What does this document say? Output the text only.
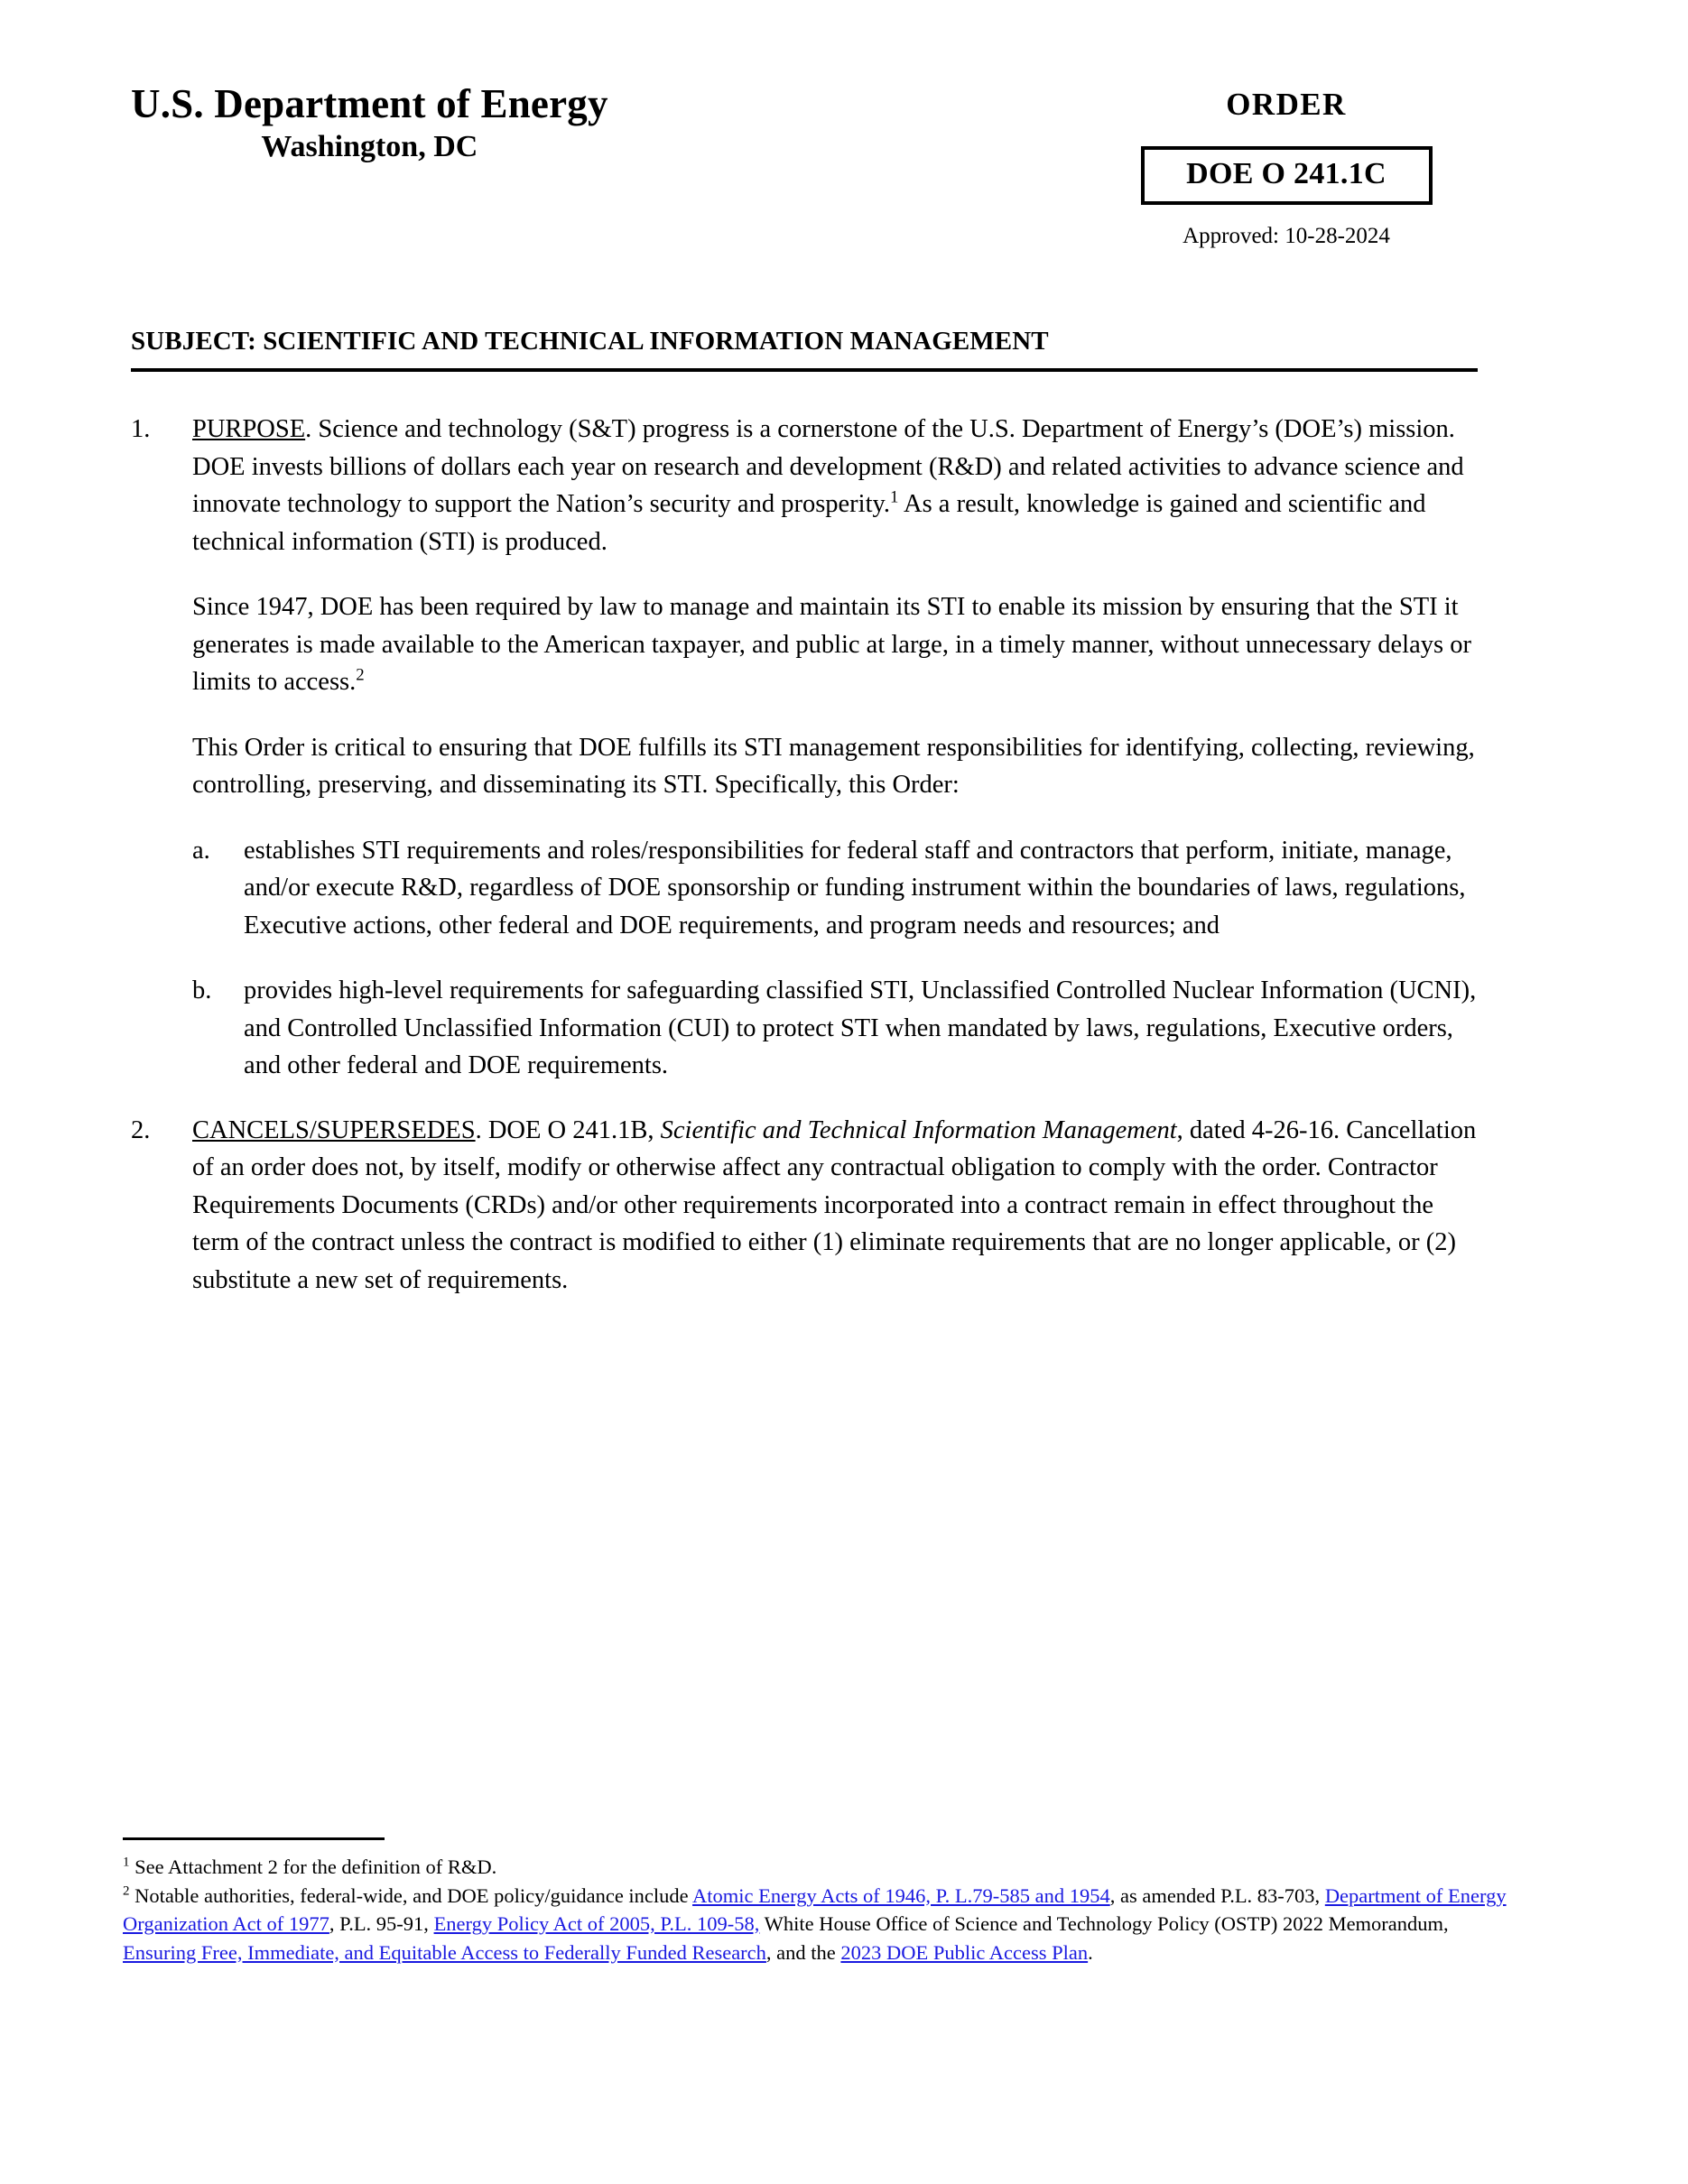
U.S. Department of Energy
Washington, DC
ORDER
DOE O 241.1C
Approved: 10-28-2024
SUBJECT: SCIENTIFIC AND TECHNICAL INFORMATION MANAGEMENT
1. PURPOSE. Science and technology (S&T) progress is a cornerstone of the U.S. Department of Energy’s (DOE’s) mission. DOE invests billions of dollars each year on research and development (R&D) and related activities to advance science and innovate technology to support the Nation’s security and prosperity.$^1$ As a result, knowledge is gained and scientific and technical information (STI) is produced.

Since 1947, DOE has been required by law to manage and maintain its STI to enable its mission by ensuring that the STI it generates is made available to the American taxpayer, and public at large, in a timely manner, without unnecessary delays or limits to access.$^2$

This Order is critical to ensuring that DOE fulfills its STI management responsibilities for identifying, collecting, reviewing, controlling, preserving, and disseminating its STI. Specifically, this Order:

a. establishes STI requirements and roles/responsibilities for federal staff and contractors that perform, initiate, manage, and/or execute R&D, regardless of DOE sponsorship or funding instrument within the boundaries of laws, regulations, Executive actions, other federal and DOE requirements, and program needs and resources; and
b. provides high-level requirements for safeguarding classified STI, Unclassified Controlled Nuclear Information (UCNI), and Controlled Unclassified Information (CUI) to protect STI when mandated by laws, regulations, Executive orders, and other federal and DOE requirements.
2. CANCELS/SUPERSEDES. DOE O 241.1B, Scientific and Technical Information Management, dated 4-26-16. Cancellation of an order does not, by itself, modify or otherwise affect any contractual obligation to comply with the order. Contractor Requirements Documents (CRDs) and/or other requirements incorporated into a contract remain in effect throughout the term of the contract unless the contract is modified to either (1) eliminate requirements that are no longer applicable, or (2) substitute a new set of requirements.

$^1$ See Attachment 2 for the definition of R&D.

$^2$ Notable authorities, federal-wide, and DOE policy/guidance include Atomic Energy Acts of 1946, P. L.79-585 and 1954, as amended P.L. 83-703, Department of Energy Organization Act of 1977, P.L. 95-91, Energy Policy Act of 2005, P.L. 109-58, White House Office of Science and Technology Policy (OSTP) 2022 Memorandum, Ensuring Free, Immediate, and Equitable Access to Federally Funded Research, and the 2023 DOE Public Access Plan.
